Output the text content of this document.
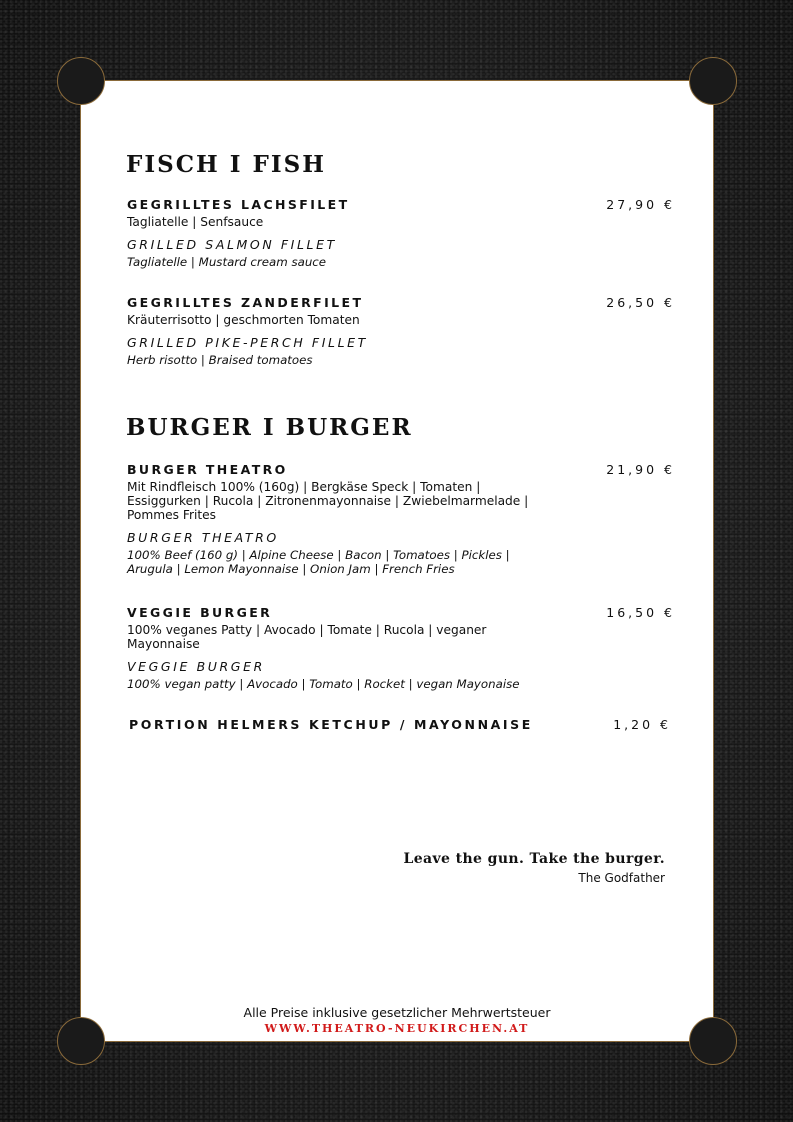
FISCH I FISH
GEGRILLTES LACHSFILET	27,90 €
Tagliatelle | Senfsauce
GRILLED SALMON FILLET
Tagliatelle | Mustard cream sauce
GEGRILLTES ZANDERFILET	26,50 €
Kräuterrisotto | geschmorten Tomaten
GRILLED PIKE-PERCH FILLET
Herb risotto | Braised tomatoes
BURGER I BURGER
BURGER THEATRO	21,90 €
Mit Rindfleisch 100% (160g) | Bergkäse Speck | Tomaten | Essiggurken | Rucola | Zitronenmayonnaise | Zwiebelmarmelade | Pommes Frites
BURGER THEATRO
100% Beef (160 g) | Alpine Cheese | Bacon | Tomatoes | Pickles | Arugula | Lemon Mayonnaise | Onion Jam | French Fries
VEGGIE BURGER	16,50 €
100% veganes Patty | Avocado | Tomate | Rucola | veganer Mayonnaise
VEGGIE BURGER
100% vegan patty | Avocado | Tomato | Rocket | vegan Mayonaise
PORTION HELMERS KETCHUP / MAYONNAISE	1,20 €
Leave the gun. Take the burger.
The Godfather
Alle Preise inklusive gesetzlicher Mehrwertsteuer
WWW.THEATRO-NEUKIRCHEN.AT
